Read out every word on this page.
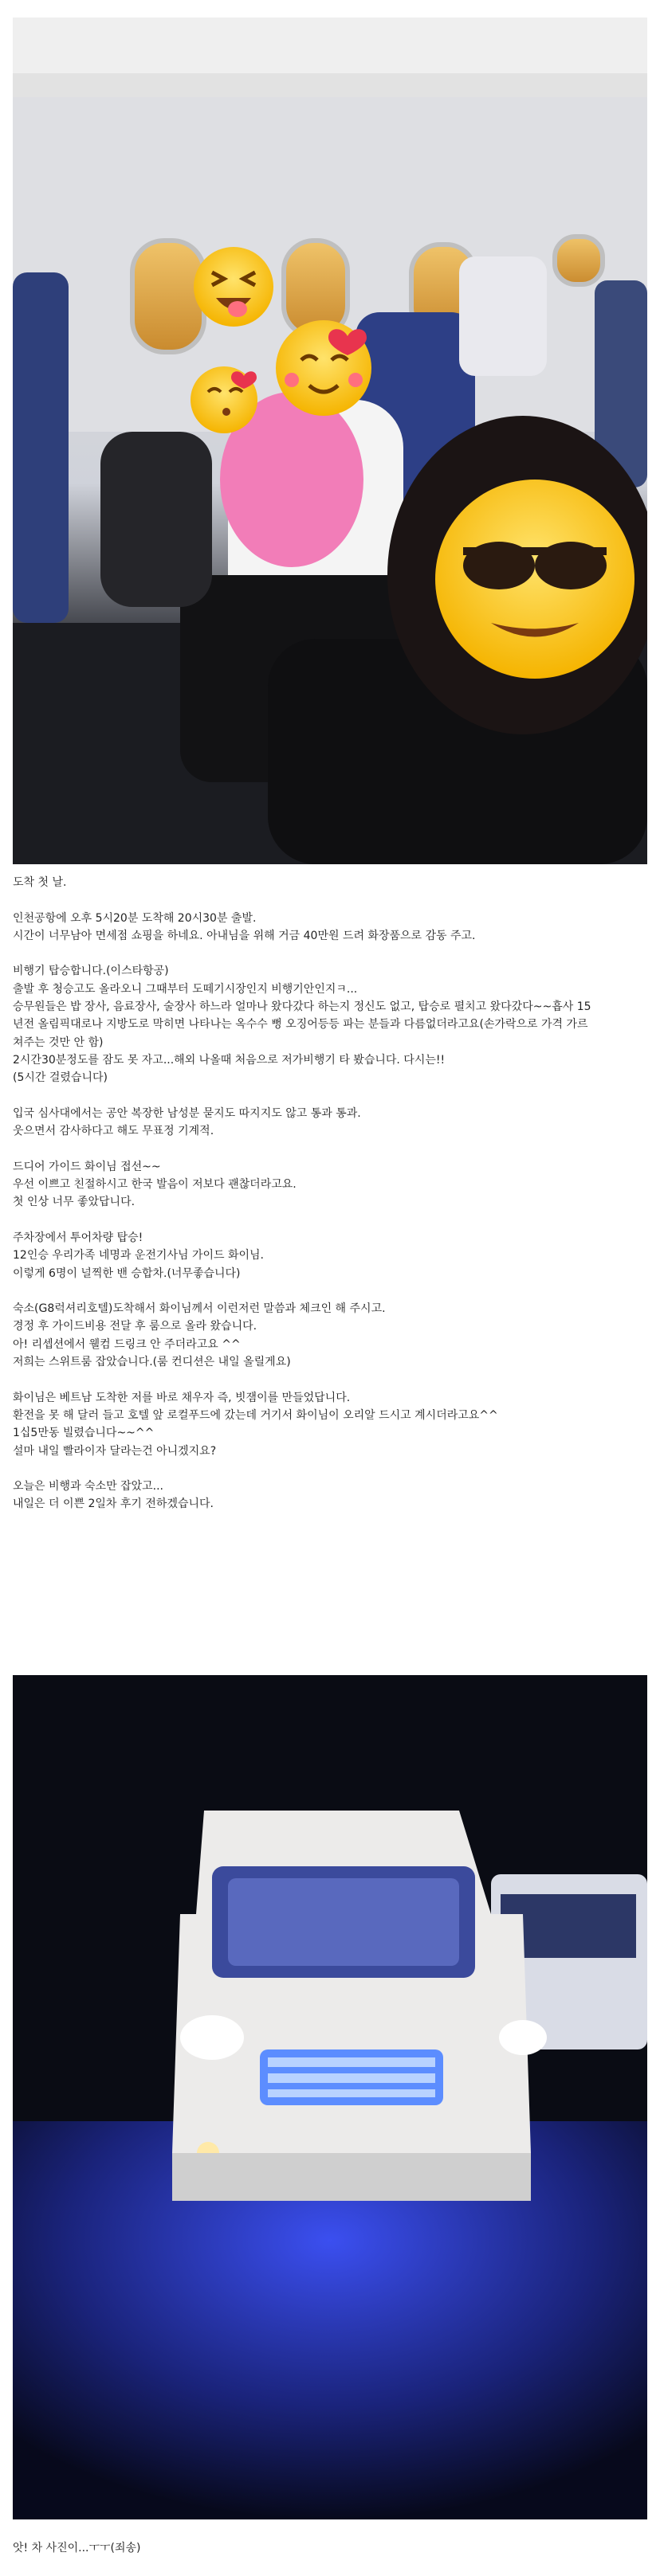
도착 첫 날.
인천공항에 오후 5시20분 도착해 20시30분 출발.
시간이 너무남아 면세점 쇼핑을 하네요. 아내님을 위해 거금 40만원 드려 화장품으로 감동 주고.
비행기 탑승합니다.(이스타항공)
출발 후 청승고도 올라오니 그때부터 도떼기시장인지 비행기안인지ㅋ...
승무원들은 밥 장사, 음료장사, 술장사 하느라 얼마나 왔다갔다 하는지 정신도 없고, 탑승로 펼치고 왔다갔다~~흡사 15
년전 올림픽대로나 지방도로 막히면 나타나는 옥수수 뻥 오징어등등 파는 분들과 다름없더라고요(손가락으로 가격 가르
쳐주는 것만 안 함)
2시간30분정도를 잠도 못 자고...해외 나올때 처음으로 저가비행기 타 봤습니다. 다시는!!
(5시간 걸렸습니다)
입국 심사대에서는 공안 복장한 남성분 묻지도 따지지도 않고 통과 통과.
웃으면서 감사하다고 해도 무표정 기계적.
드디어 가이드 화이님 접선~~
우선 이쁘고 친절하시고 한국 발음이 저보다 괜찮더라고요.
첫 인상 너무 좋았답니다.
주차장에서 투어차량 탑승!
12인승 우리가족 네명과 운전기사님 가이드 화이님.
이렇게 6명이 널찍한 밴 승합차.(너무좋습니다)
숙소(G8럭셔리호텔)도착해서 화이님께서 이런저런 말씀과 체크인 해 주시고.
경정 후 가이드비용 전달 후 룸으로 올라 왔습니다.
아! 리셉션에서 웰컴 드링크 안 주더라고요 ^^
저희는 스위트룸 잡았습니다.(룸 컨디션은 내일 올릴게요)
화이님은 베트남 도착한 저를 바로 채우자 즉, 빗잼이를 만들었답니다.
환전을 못 해 달러 들고 호텔 앞 로컬푸드에 갔는데 거기서 화이님이 오리알 드시고 계시더라고요^^
1십5만동 빌렸습니다~~^^
설마 내일 빨라이자 달라는건 아니겠지요?
오늘은 비행과 숙소만 잡았고...
내일은 더 이쁜 2일차 후기 전하겠습니다.
앗! 차 사진이...ㅜㅜ(죄송)
